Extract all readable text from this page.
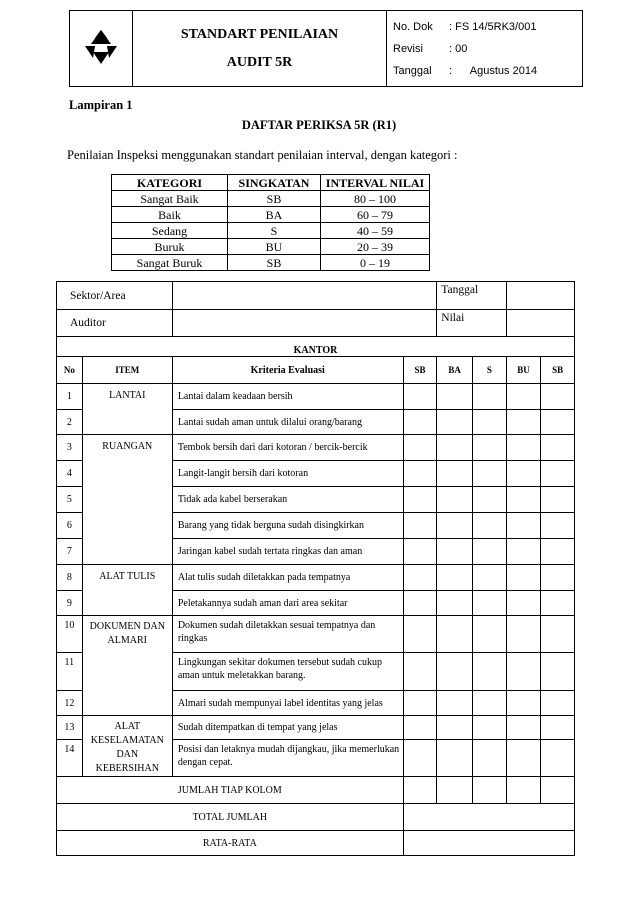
STANDART PENILAIAN
AUDIT 5R

No. Dok	: FS 14/5RK3/001
Revisi	: 00
Tanggal	:      Agustus 2014
Lampiran 1
DAFTAR PERIKSA 5R (R1)
Penilaian Inspeksi menggunakan standart penilaian interval, dengan kategori :
KATEGORI	SINGKATAN	INTERVAL NILAI
Sangat Baik	SB	80 – 100
Baik	BA	60 – 79
Sedang	S	40 – 59
Buruk	BU	20 – 39
Sangat Buruk	SB	0 – 19
Sektor/Area				Tanggal			
Auditor				Nilai			
KANTOR							
No	ITEM	Kriteria Evaluasi	SB	BA	S	BU	SB
1	LANTAI	Lantai dalam keadaan bersih					
2		Lantai sudah aman untuk dilalui orang/barang					
3	RUANGAN	Tembok bersih dari dari kotoran / bercik-bercik					
4		Langit-langit bersih dari kotoran					
5		Tidak ada kabel berserakan					
6		Barang yang tidak berguna sudah disingkirkan					
7		Jaringan kabel sudah tertata ringkas dan aman					
8	ALAT TULIS	Alat tulis sudah diletakkan pada tempatnya					
9		Peletakannya sudah aman dari area sekitar					
10	DOKUMEN DAN ALMARI	Dokumen sudah diletakkan sesuai tempatnya dan ringkas					
11		Lingkungan sekitar dokumen tersebut sudah cukup aman untuk meletakkan barang.					
12		Almari sudah mempunyai label identitas yang jelas					
13	ALAT KESELAMATAN DAN KEBERSIHAN	Sudah ditempatkan di tempat yang jelas					
14		Posisi dan letaknya mudah dijangkau, jika memerlukan dengan cepat.					
JUMLAH TIAP KOLOM							
TOTAL JUMLAH							
RATA-RATA							
